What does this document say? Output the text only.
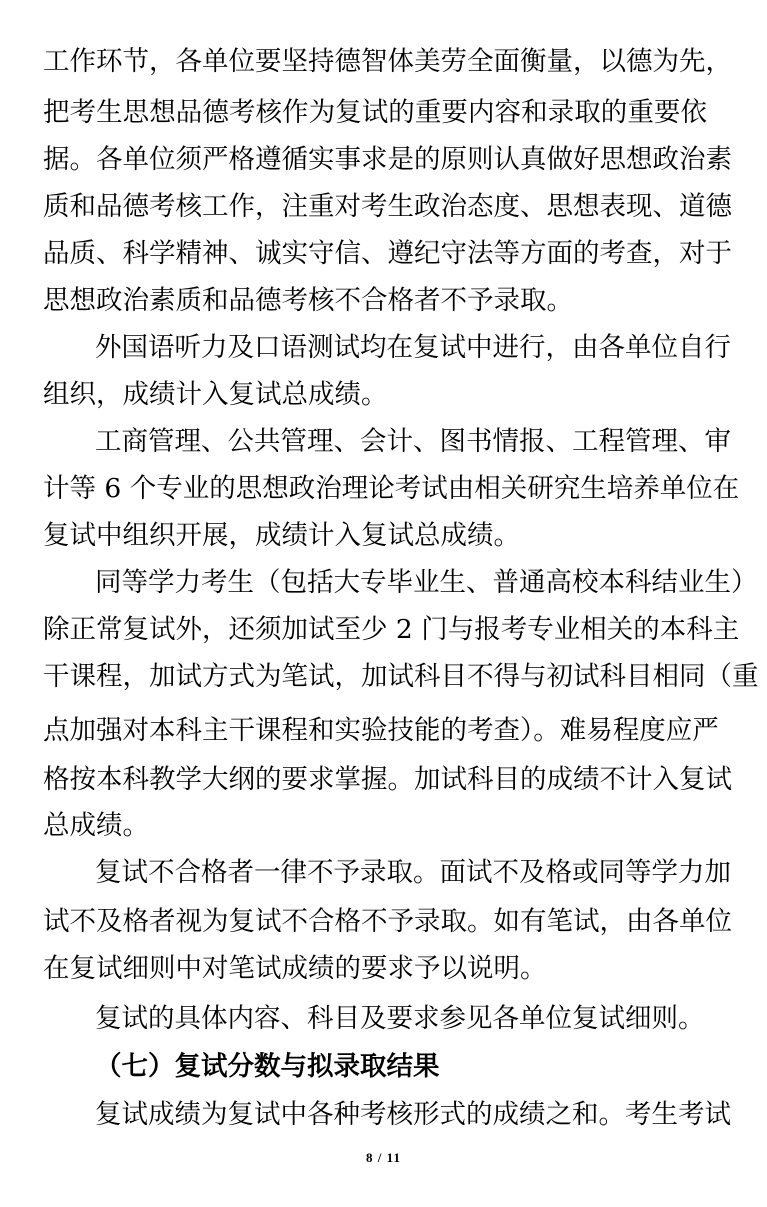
工作环节，各单位要坚持德智体美劳全面衡量，以德为先，
把考生思想品德考核作为复试的重要内容和录取的重要依
据。各单位须严格遵循实事求是的原则认真做好思想政治素
质和品德考核工作，注重对考生政治态度、思想表现、道德
品质、科学精神、诚实守信、遵纪守法等方面的考查，对于
思想政治素质和品德考核不合格者不予录取。
外国语听力及口语测试均在复试中进行，由各单位自行
组织，成绩计入复试总成绩。
工商管理、公共管理、会计、图书情报、工程管理、审
计等 6 个专业的思想政治理论考试由相关研究生培养单位在
复试中组织开展，成绩计入复试总成绩。
同等学力考生（包括大专毕业生、普通高校本科结业生）
除正常复试外，还须加试至少 2 门与报考专业相关的本科主
干课程，加试方式为笔试，加试科目不得与初试科目相同（重
点加强对本科主干课程和实验技能的考查）。难易程度应严
格按本科教学大纲的要求掌握。加试科目的成绩不计入复试
总成绩。
复试不合格者一律不予录取。面试不及格或同等学力加
试不及格者视为复试不合格不予录取。如有笔试，由各单位
在复试细则中对笔试成绩的要求予以说明。
复试的具体内容、科目及要求参见各单位复试细则。
（七）复试分数与拟录取结果
复试成绩为复试中各种考核形式的成绩之和。考生考试
8 / 11
